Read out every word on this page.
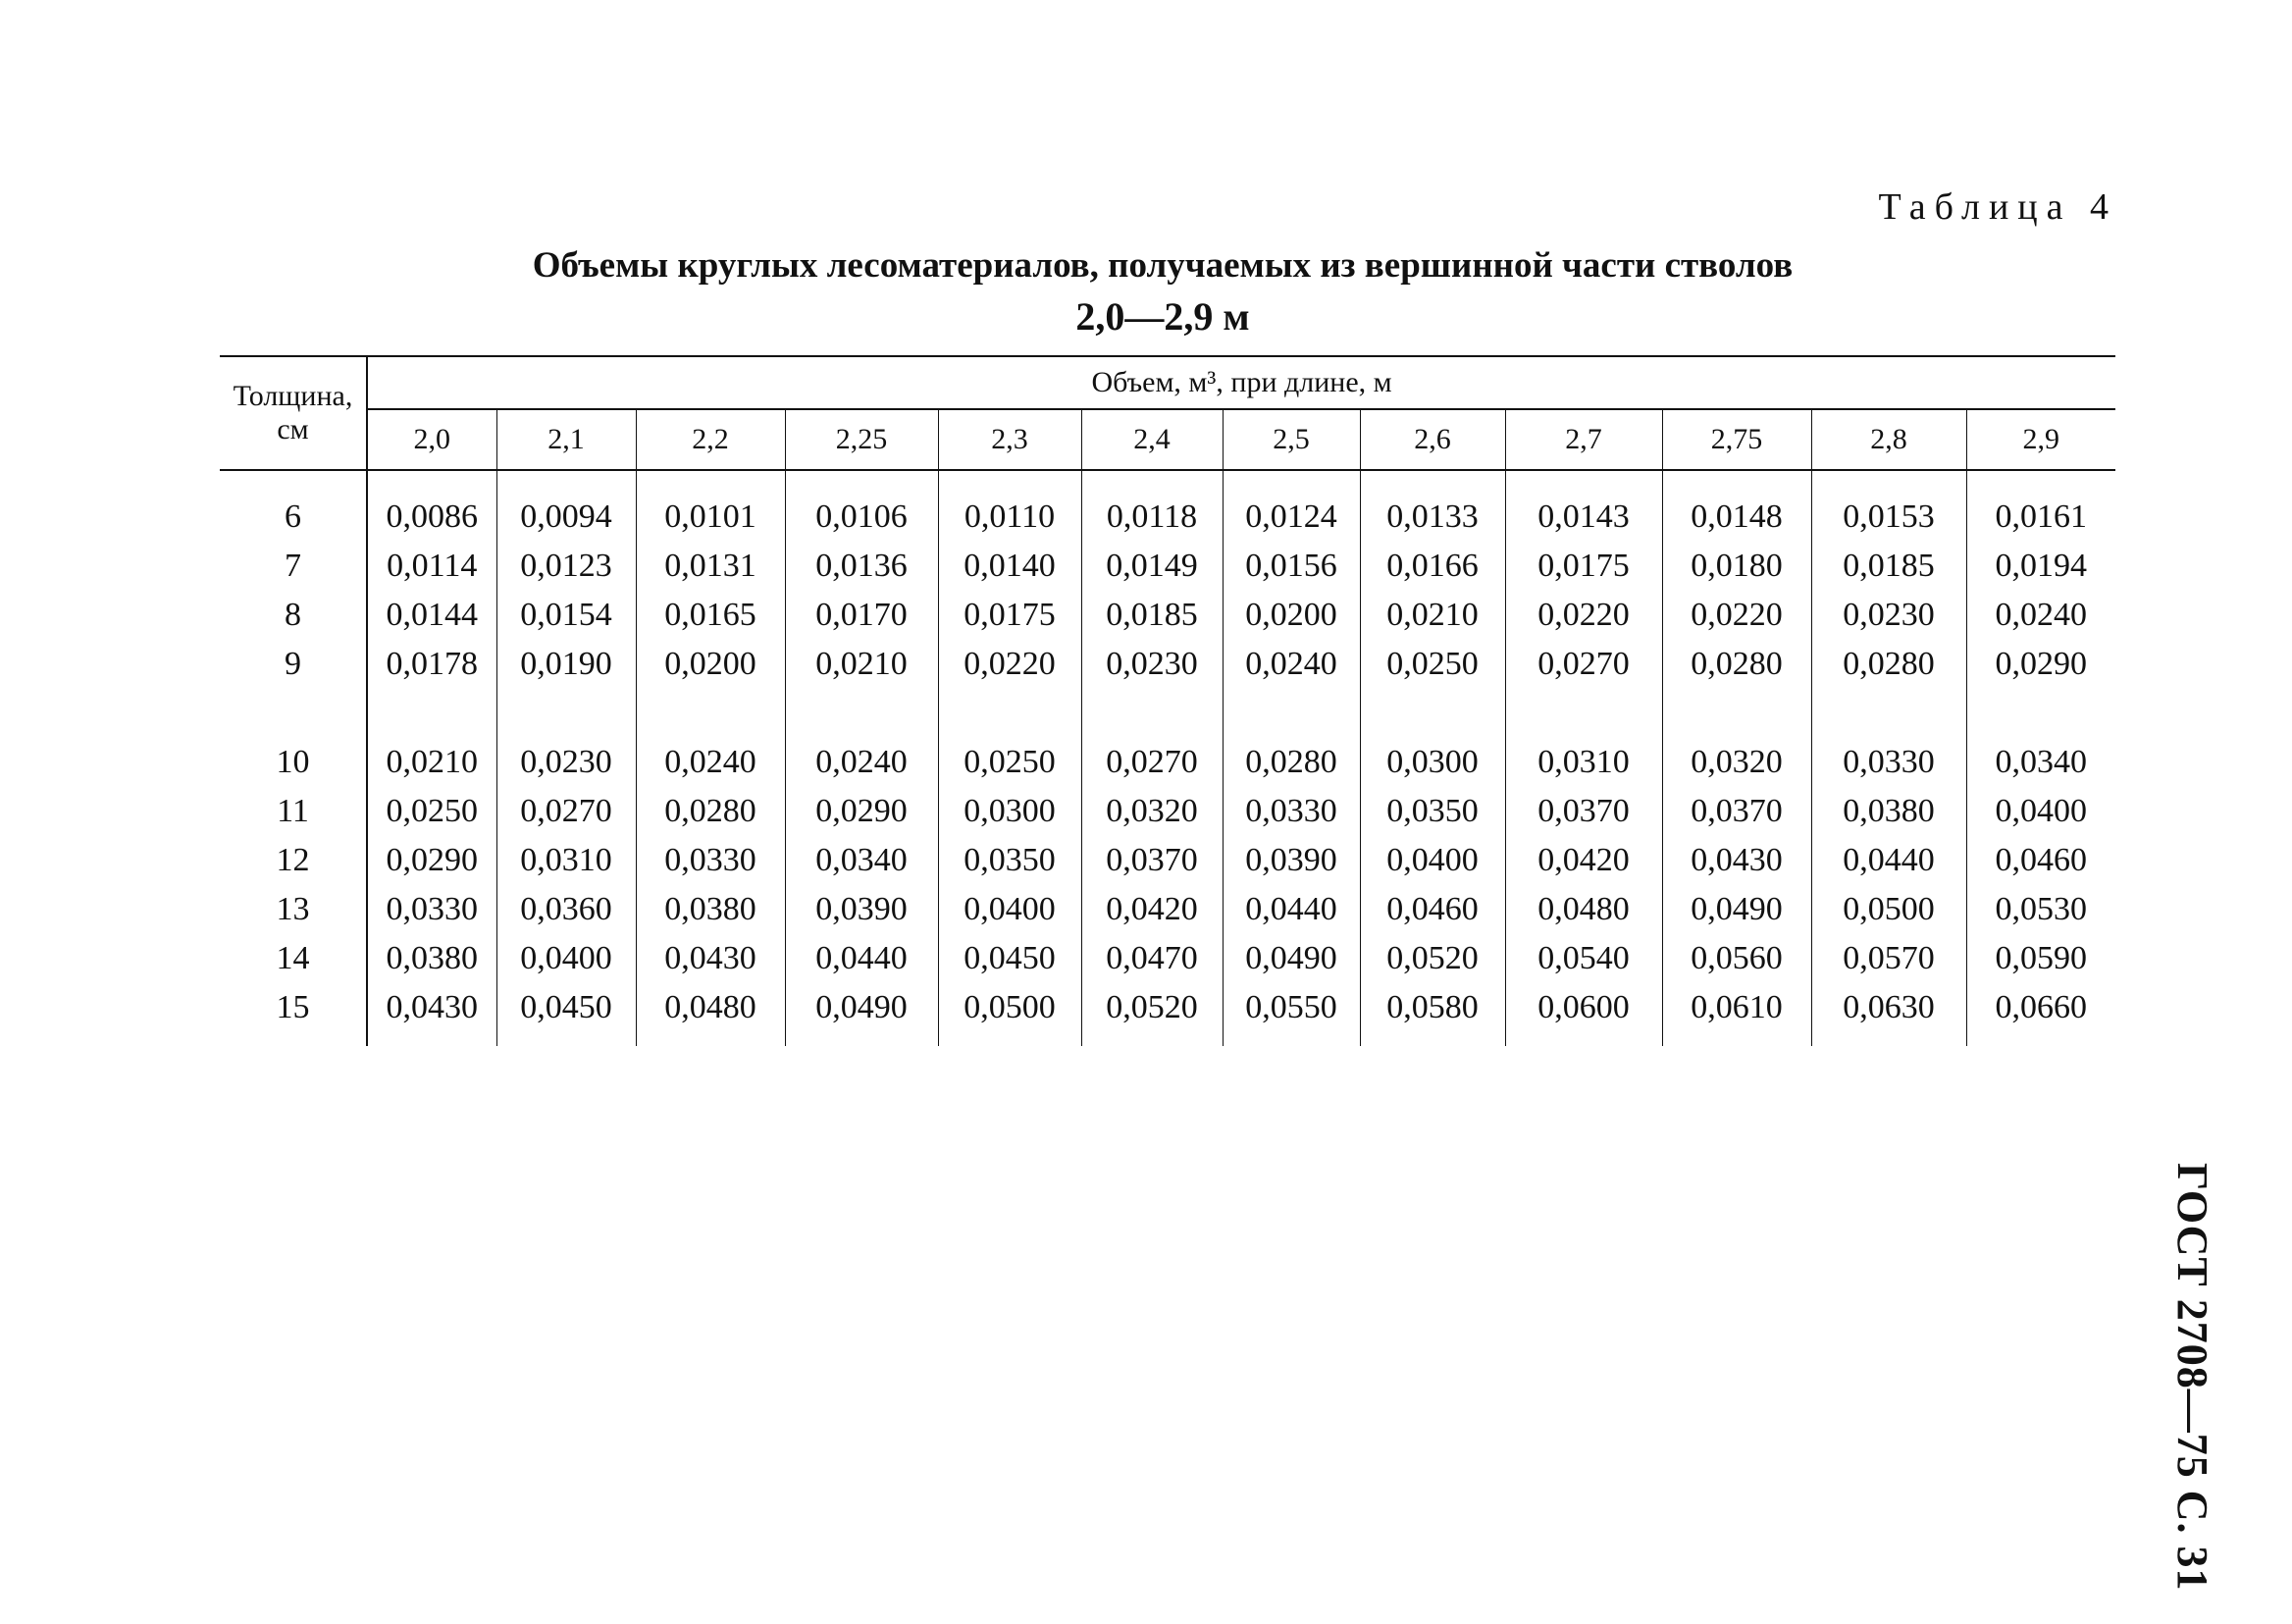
Таблица 4
Объемы круглых лесоматериалов, получаемых из вершинной части стволов
2,0—2,9 м
Толщина, см	Объем, м³, при длине, м											
	2,0	2,1	2,2	2,25	2,3	2,4	2,5	2,6	2,7	2,75	2,8	2,9
6	0,0086	0,0094	0,0101	0,0106	0,0110	0,0118	0,0124	0,0133	0,0143	0,0148	0,0153	0,0161
7	0,0114	0,0123	0,0131	0,0136	0,0140	0,0149	0,0156	0,0166	0,0175	0,0180	0,0185	0,0194
8	0,0144	0,0154	0,0165	0,0170	0,0175	0,0185	0,0200	0,0210	0,0220	0,0220	0,0230	0,0240
9	0,0178	0,0190	0,0200	0,0210	0,0220	0,0230	0,0240	0,0250	0,0270	0,0280	0,0280	0,0290
10	0,0210	0,0230	0,0240	0,0240	0,0250	0,0270	0,0280	0,0300	0,0310	0,0320	0,0330	0,0340
11	0,0250	0,0270	0,0280	0,0290	0,0300	0,0320	0,0330	0,0350	0,0370	0,0370	0,0380	0,0400
12	0,0290	0,0310	0,0330	0,0340	0,0350	0,0370	0,0390	0,0400	0,0420	0,0430	0,0440	0,0460
13	0,0330	0,0360	0,0380	0,0390	0,0400	0,0420	0,0440	0,0460	0,0480	0,0490	0,0500	0,0530
14	0,0380	0,0400	0,0430	0,0440	0,0450	0,0470	0,0490	0,0520	0,0540	0,0560	0,0570	0,0590
15	0,0430	0,0450	0,0480	0,0490	0,0500	0,0520	0,0550	0,0580	0,0600	0,0610	0,0630	0,0660
ГОСТ 2708—75 С. 31
